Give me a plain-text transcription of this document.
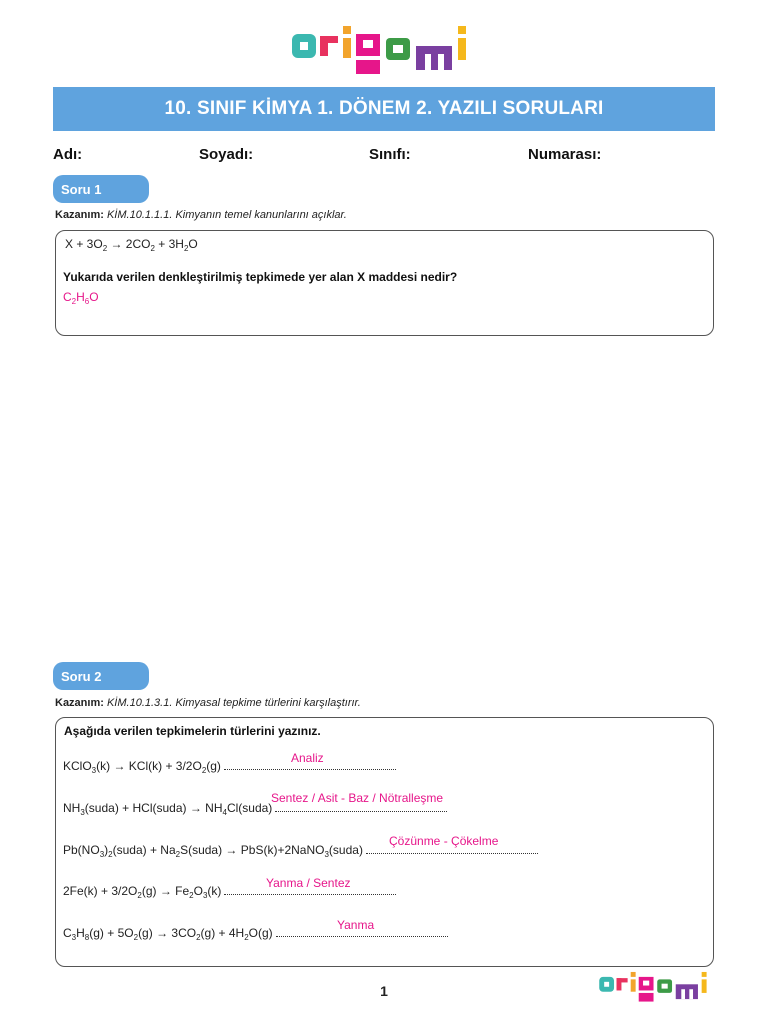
10. SINIF KİMYA 1. DÖNEM 2. YAZILI SORULARI
Adı:	Soyadı:	Sınıfı:	Numarası:
Soru 1
Kazanım: KİM.10.1.1.1. Kimyanın temel kanunlarını açıklar.
$X + 3O_2 \to 2CO_2 + 3H_2O$
Yukarıda verilen denkleştirilmiş tepkimede yer alan X maddesi nedir?
$C_2H_6O$
Soru 2
Kazanım: KİM.10.1.3.1. Kimyasal tepkime türlerini karşılaştırır.
Aşağıda verilen tepkimelerin türlerini yazınız.
KClO$_3$(k) → $KCl(k) + 3/2O_2(g)$
Analiz
$NH_3(suda)$ + HCl(suda) → $NH_4Cl(suda)$
Sentez / Asit - Baz / Nötralleşme
$Pb(NO_3)_2(suda)$ + $Na_2S(suda)$ → PbS(k)+2NaNO$_3$(suda)
Çözünme - Çökelme
$2Fe(k) + 3/2O_2(g) \to Fe_2O_3(k)$
Yanma / Sentez
$C_3H_8(g) + 5O_2(g) \to 3CO_2(g) + 4H_2O(g)$
Yanma
1
